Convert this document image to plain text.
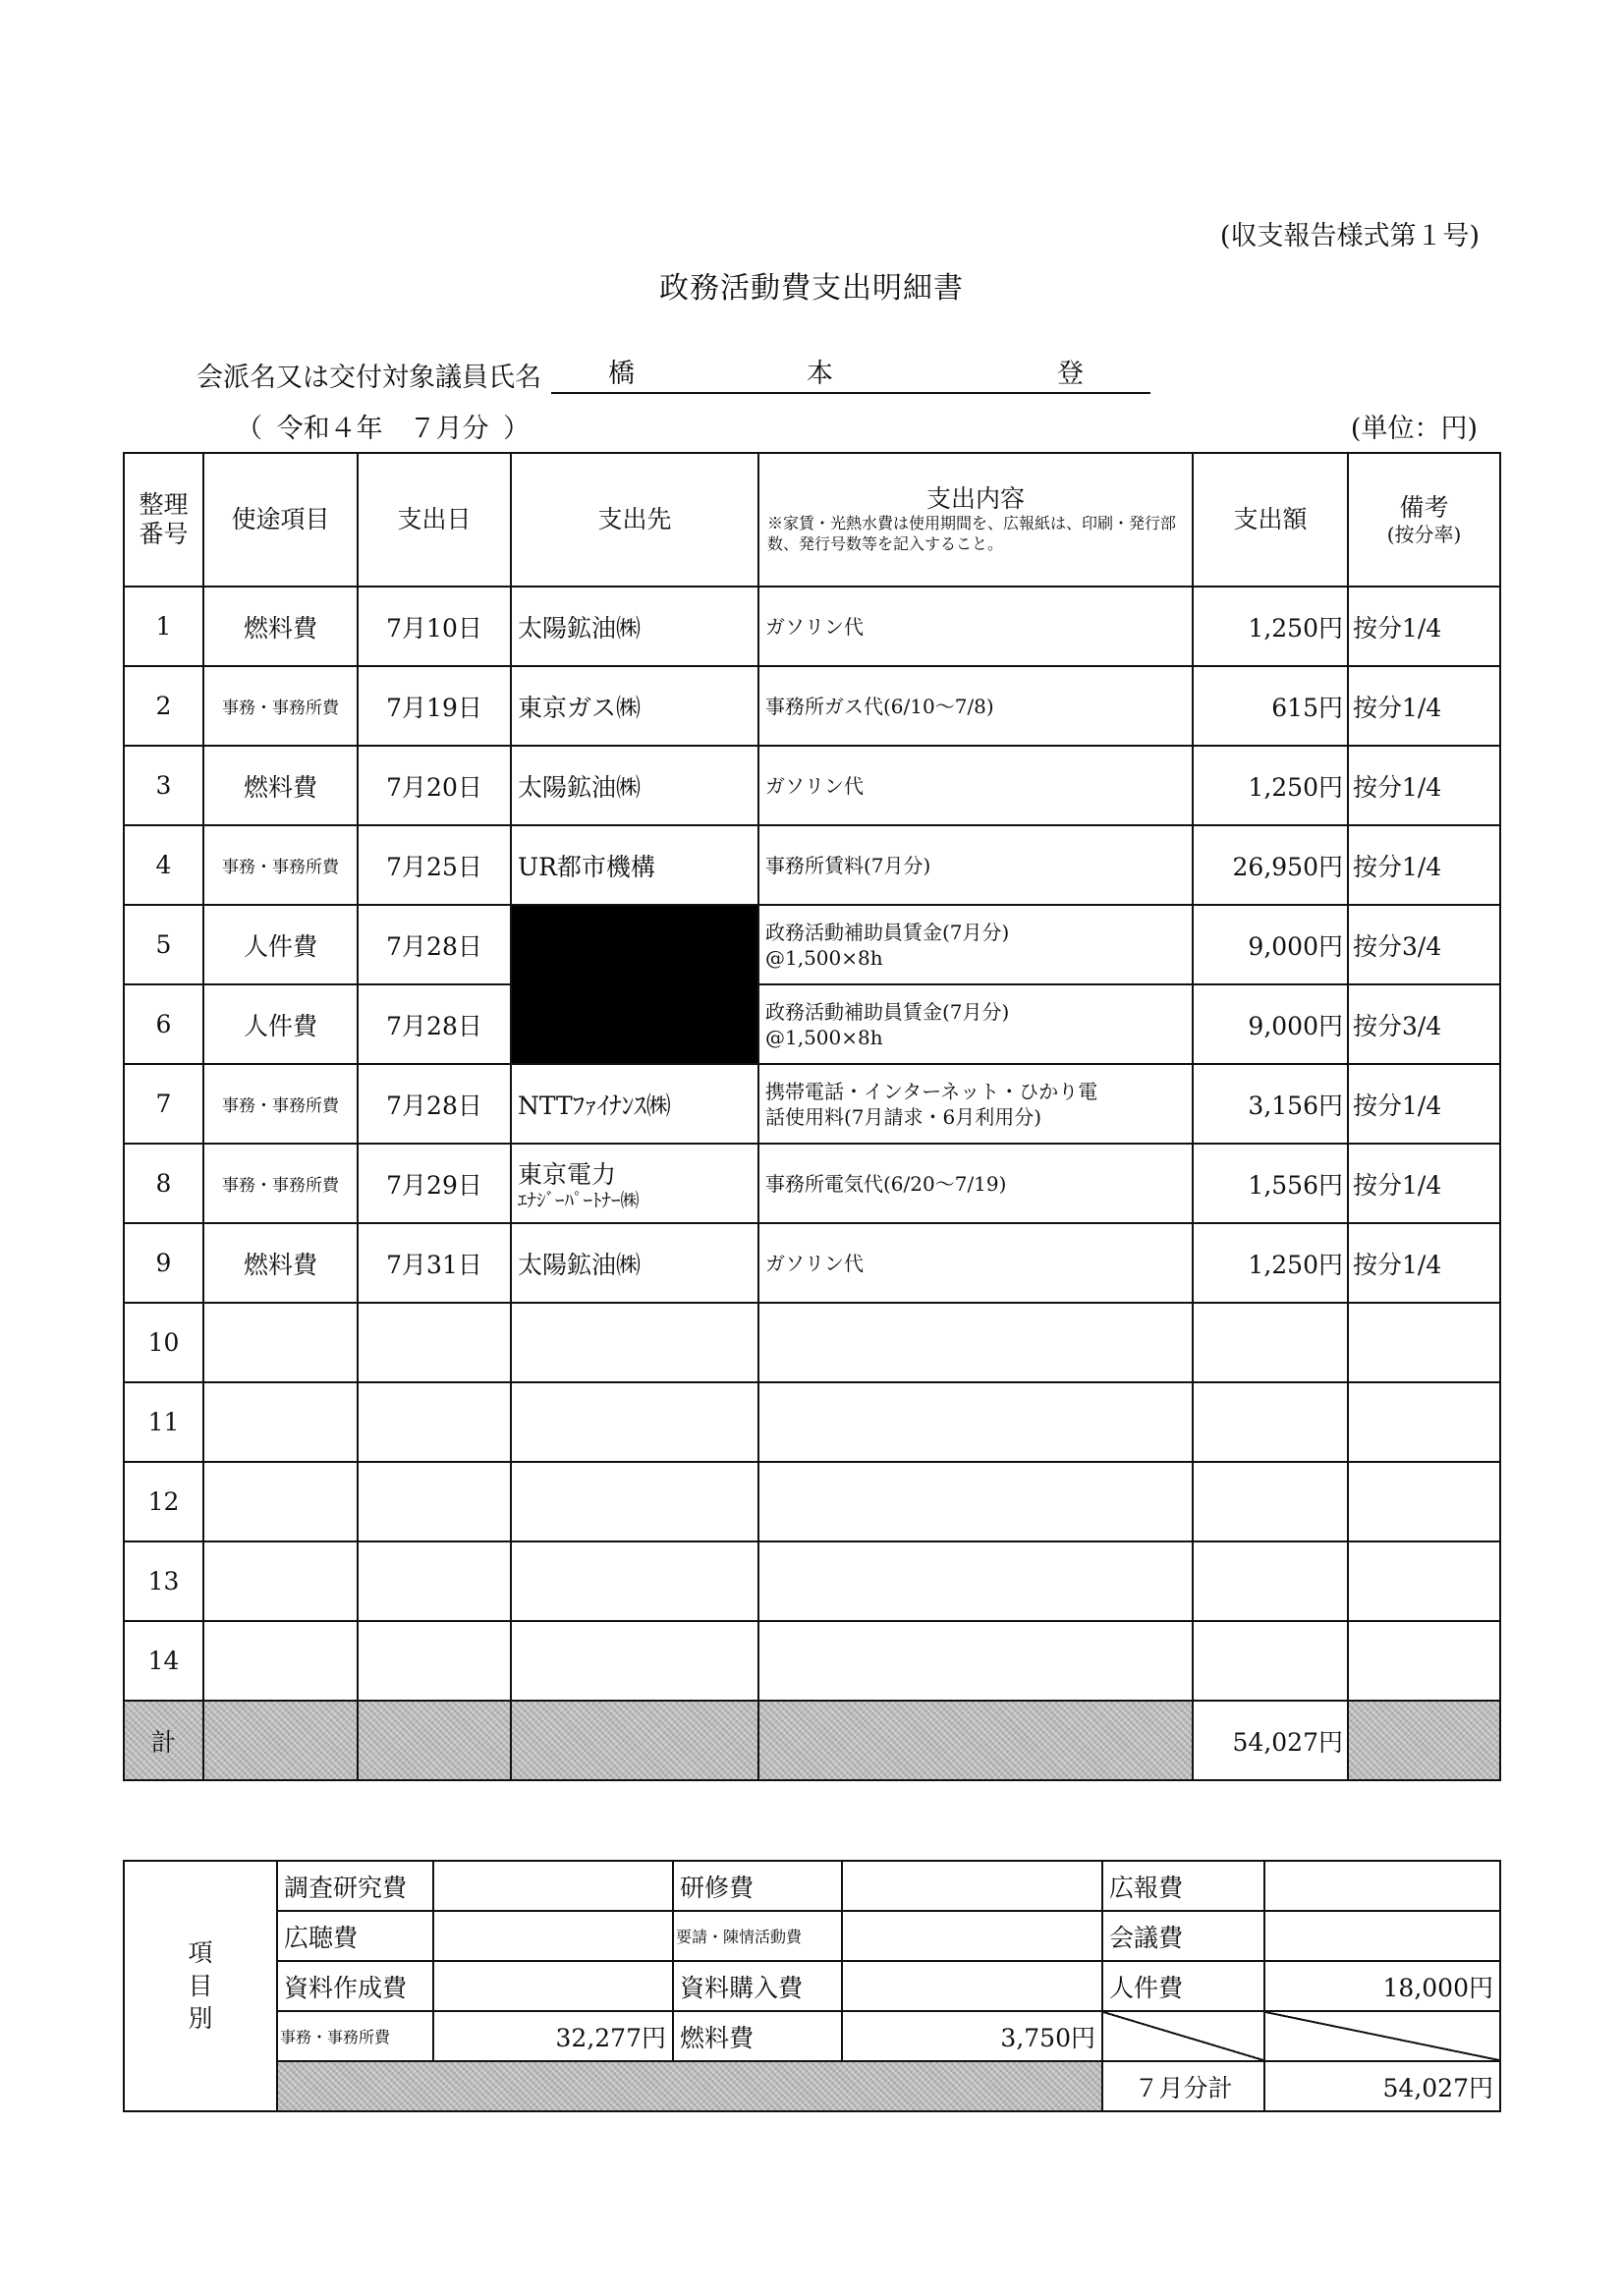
(収支報告様式第１号)
政務活動費支出明細書
会派名又は交付対象議員氏名	橋	本	登
（ 令和４年　７月分 ）	(単位：円)
整理
番号	使途項目	支出日	支出先	支出内容
※家賃・光熱水費は使用期間を、広報紙は、印刷・発行部数、発行号数等を記入すること。	支出額	備考
(按分率)

1	燃料費	7月10日	太陽鉱油㈱	ガソリン代	1,250円	按分1/4
2	事務・事務所費	7月19日	東京ガス㈱	事務所ガス代(6/10～7/8)	615円	按分1/4
3	燃料費	7月20日	太陽鉱油㈱	ガソリン代	1,250円	按分1/4
4	事務・事務所費	7月25日	UR都市機構	事務所賃料(7月分)	26,950円	按分1/4
5	人件費	7月28日		政務活動補助員賃金(7月分)
@1,500×8h	9,000円	按分3/4
6	人件費	7月28日		政務活動補助員賃金(7月分)
@1,500×8h	9,000円	按分3/4
7	事務・事務所費	7月28日	NTTﾌｧｲﾅﾝｽ㈱	携帯電話・インターネット・ひかり電
話使用料(7月請求・6月利用分)	3,156円	按分1/4
8	事務・事務所費	7月29日	東京電力
ｴﾅｼﾞｰﾊﾟｰﾄﾅｰ㈱	事務所電気代(6/20～7/19)	1,556円	按分1/4
9	燃料費	7月31日	太陽鉱油㈱	ガソリン代	1,250円	按分1/4
10						
11						
12						
13						
14						
計					54,027円	
項
目
別	調査研究費		研修費		広報費	
	広聴費		要請・陳情活動費		会議費	
	資料作成費		資料購入費		人件費	18,000円
	事務・事務所費	32,277円	燃料費	3,750円		
					７月分計	54,027円
